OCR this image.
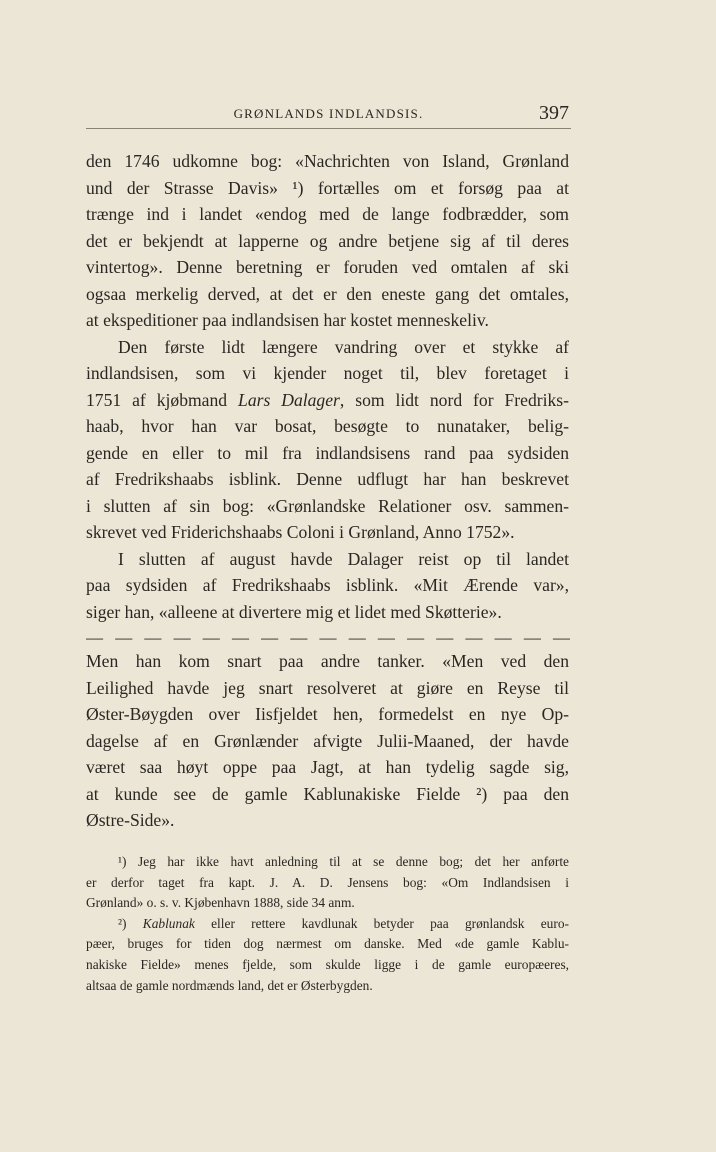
GRØNLANDS INDLANDSIS.	397
den 1746 udkomne bog: «Nachrichten von Island, Grønland
und der Strasse Davis» ¹) fortælles om et forsøg paa at
trænge ind i landet «endog med de lange fodbrædder, som
det er bekjendt at lapperne og andre betjene sig af til deres
vintertog». Denne beretning er foruden ved omtalen af ski
ogsaa merkelig derved, at det er den eneste gang det omtales,
at ekspeditioner paa indlandsisen har kostet menneskeliv.
Den første lidt længere vandring over et stykke af
indlandsisen, som vi kjender noget til, blev foretaget i
1751 af kjøbmand Lars Dalager, som lidt nord for Fredriks-
haab, hvor han var bosat, besøgte to nunataker, belig-
gende en eller to mil fra indlandsisens rand paa sydsiden
af Fredrikshaabs isblink. Denne udflugt har han beskrevet
i slutten af sin bog: «Grønlandske Relationer osv. sammen-
skrevet ved Friderichshaabs Coloni i Grønland, Anno 1752».
I slutten af august havde Dalager reist op til landet
paa sydsiden af Fredrikshaabs isblink. «Mit Ærende var»,
siger han, «alleene at divertere mig et lidet med Skøtterie».
— — — — — — — — — — — — — — — — —
Men han kom snart paa andre tanker. «Men ved den
Leilighed havde jeg snart resolveret at giøre en Reyse til
Øster-Bøygden over Iisfjeldet hen, formedelst en nye Op-
dagelse af en Grønlænder afvigte Julii-Maaned, der havde
været saa høyt oppe paa Jagt, at han tydelig sagde sig,
at kunde see de gamle Kablunakiske Fielde ²) paa den
Østre-Side».
¹) Jeg har ikke havt anledning til at se denne bog; det her anførte
er derfor taget fra kapt. J. A. D. Jensens bog: «Om Indlandsisen i
Grønland» o. s. v. Kjøbenhavn 1888, side 34 anm.
²) Kablunak eller rettere kavdlunak betyder paa grønlandsk euro-
pæer, bruges for tiden dog nærmest om danske. Med «de gamle Kablu-
nakiske Fielde» menes fjelde, som skulde ligge i de gamle europæeres,
altsaa de gamle nordmænds land, det er Østerbygden.
